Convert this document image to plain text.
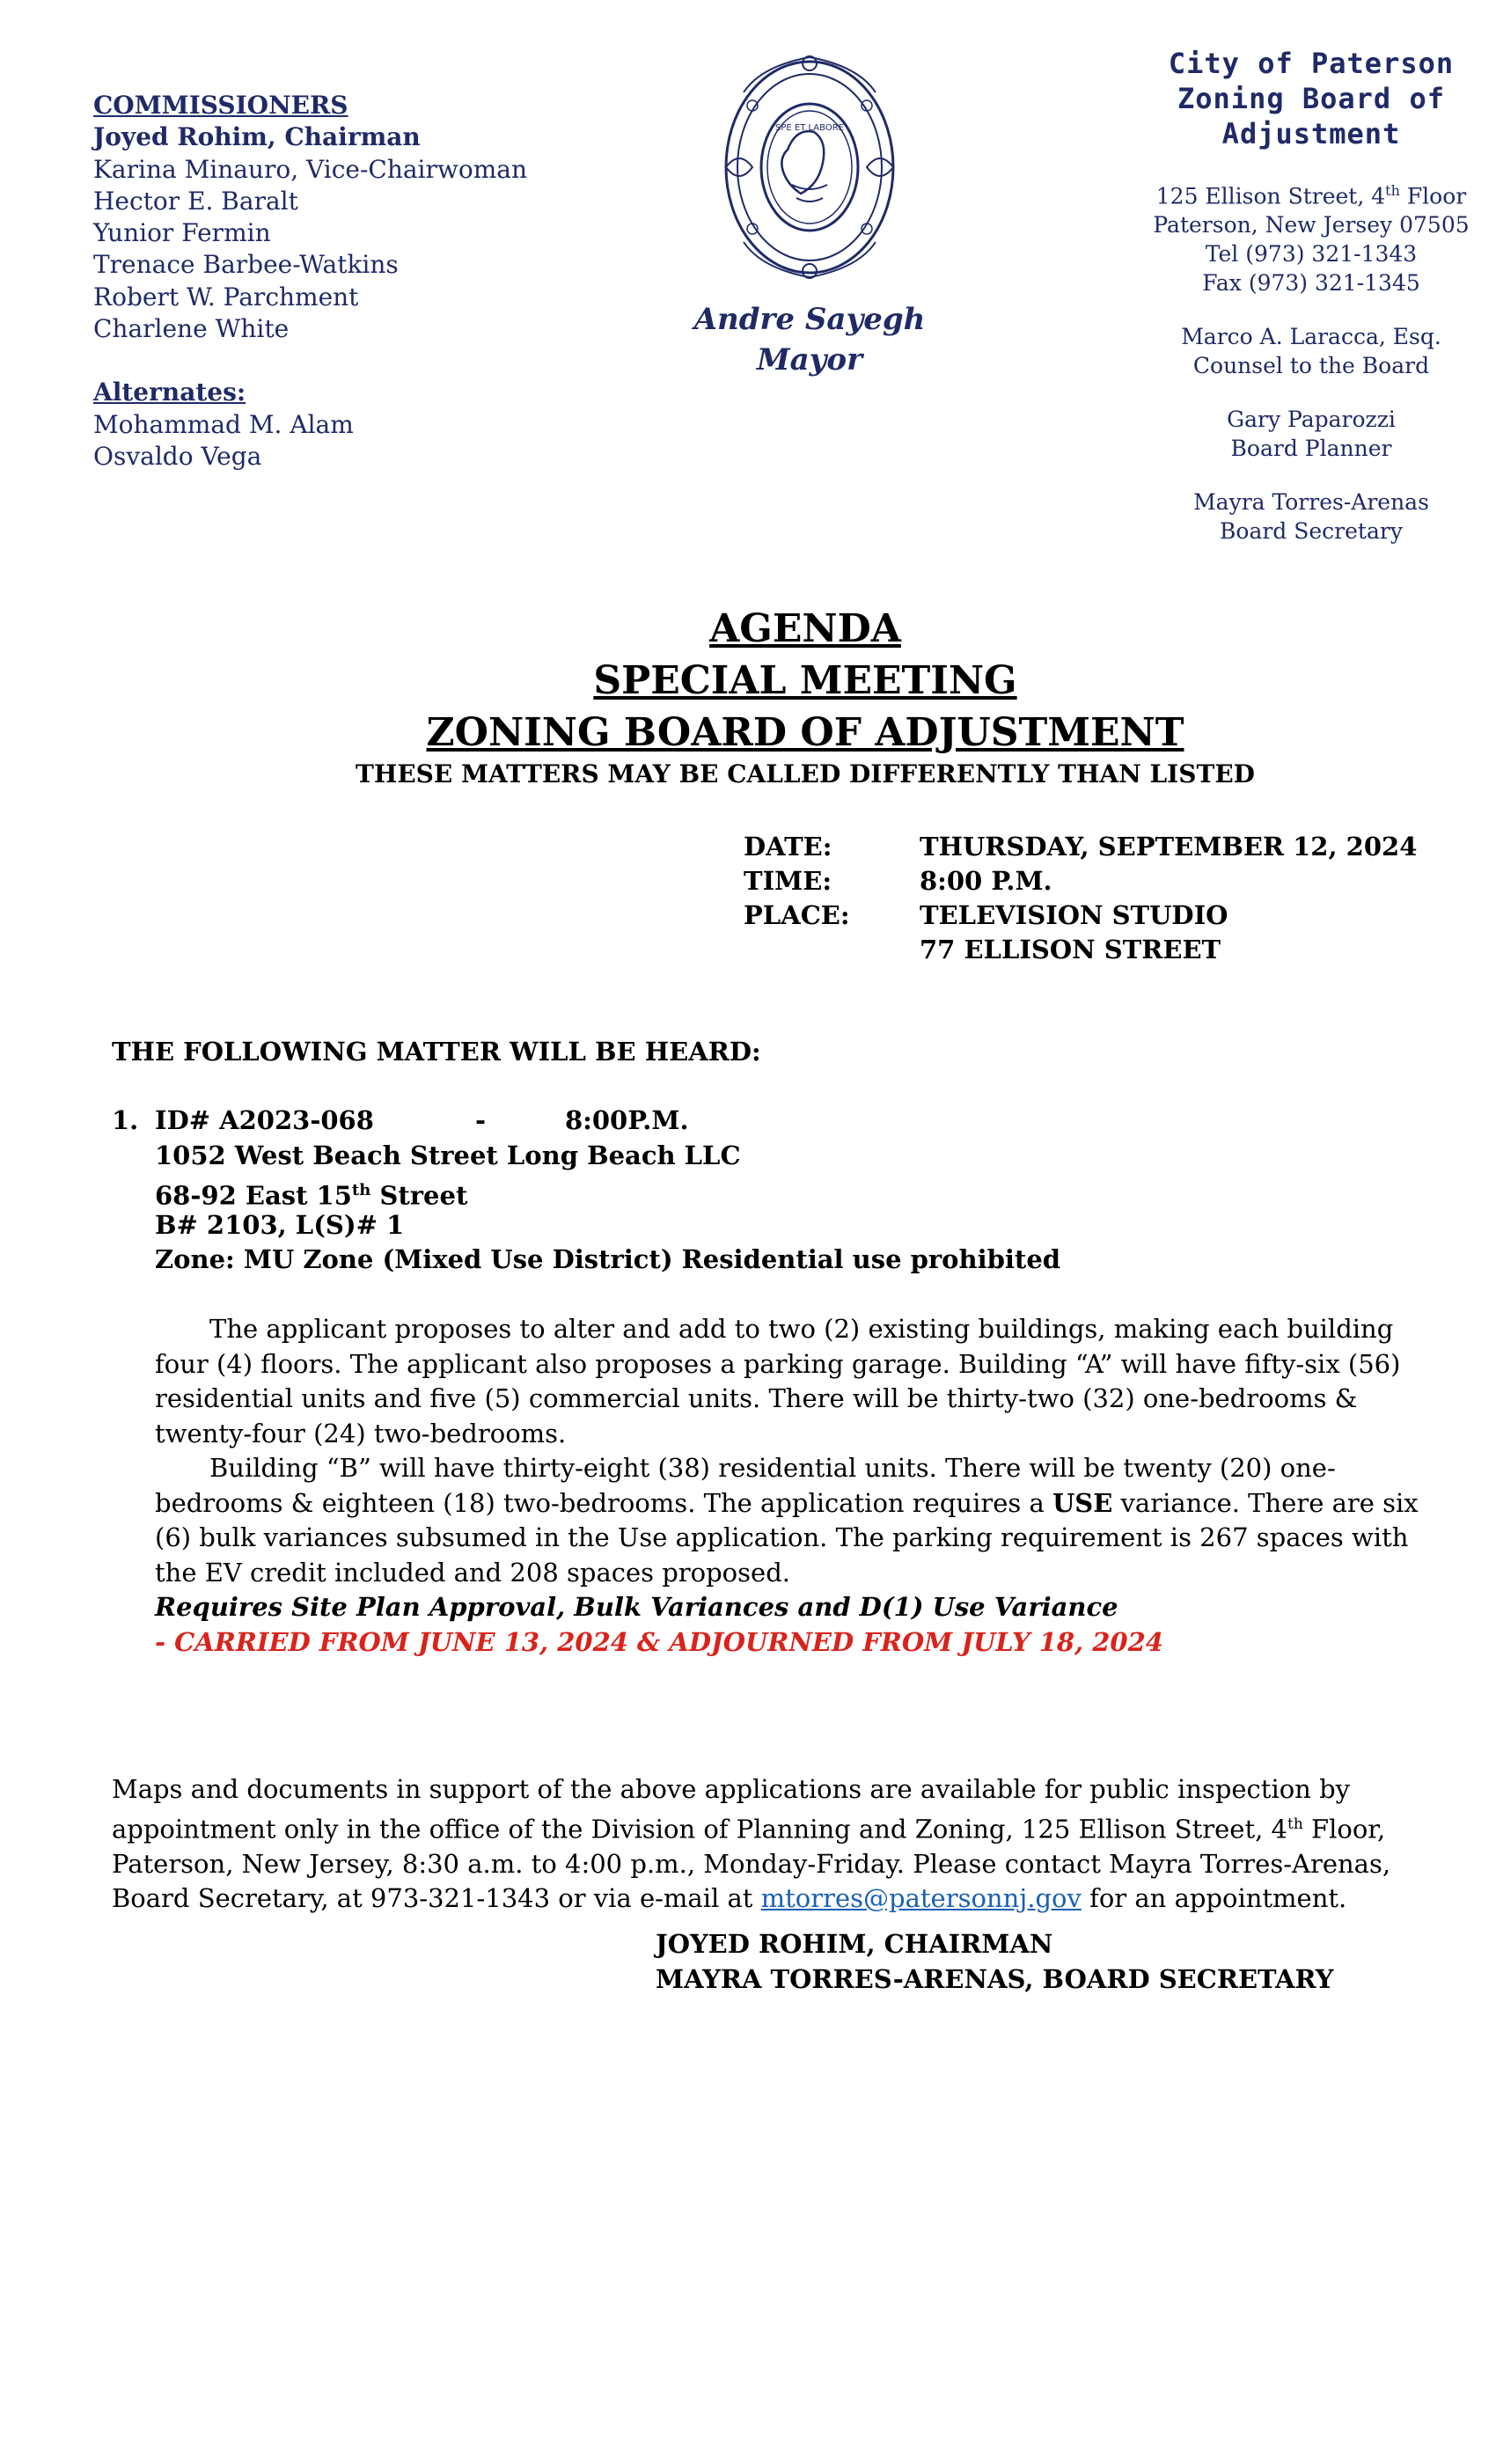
COMMISSIONERS
Joyed Rohim, Chairman
Karina Minauro, Vice-Chairwoman
Hector E. Baralt
Yunior Fermin
Trenace Barbee-Watkins
Robert W. Parchment
Charlene White
Alternates:
Mohammad M. Alam
Osvaldo Vega
SPE ET LABORE
Andre Sayegh
Mayor
City of Paterson
Zoning Board of
Adjustment
125 Ellison Street, 4th Floor
Paterson, New Jersey 07505
Tel (973) 321-1343
Fax (973) 321-1345
Marco A. Laracca, Esq.
Counsel to the Board
Gary Paparozzi
Board Planner
Mayra Torres-Arenas
Board Secretary
AGENDA
SPECIAL MEETING
ZONING BOARD OF ADJUSTMENT
THESE MATTERS MAY BE CALLED DIFFERENTLY THAN LISTED
DATE:	THURSDAY, SEPTEMBER 12, 2024
TIME:	8:00 P.M.
PLACE:	TELEVISION STUDIO
77 ELLISON STREET
THE FOLLOWING MATTER WILL BE HEARD:
1. ID# A2023-068	-	8:00P.M.
1052 West Beach Street Long Beach LLC
68-92 East 15th Street
B# 2103, L(S)# 1
Zone: MU Zone (Mixed Use District) Residential use prohibited
The applicant proposes to alter and add to two (2) existing buildings, making each building
four (4) floors. The applicant also proposes a parking garage. Building “A” will have fifty-six (56)
residential units and five (5) commercial units. There will be thirty-two (32) one-bedrooms &
twenty-four (24) two-bedrooms.
Building “B” will have thirty-eight (38) residential units. There will be twenty (20) one-
bedrooms & eighteen (18) two-bedrooms. The application requires a USE variance. There are six
(6) bulk variances subsumed in the Use application. The parking requirement is 267 spaces with
the EV credit included and 208 spaces proposed.
Requires Site Plan Approval, Bulk Variances and D(1) Use Variance
- CARRIED FROM JUNE 13, 2024 & ADJOURNED FROM JULY 18, 2024
Maps and documents in support of the above applications are available for public inspection by
appointment only in the office of the Division of Planning and Zoning, 125 Ellison Street, 4th Floor,
Paterson, New Jersey, 8:30 a.m. to 4:00 p.m., Monday-Friday. Please contact Mayra Torres-Arenas,
Board Secretary, at 973-321-1343 or via e-mail at mtorres@patersonnj.gov for an appointment.
JOYED ROHIM, CHAIRMAN
MAYRA TORRES-ARENAS, BOARD SECRETARY
